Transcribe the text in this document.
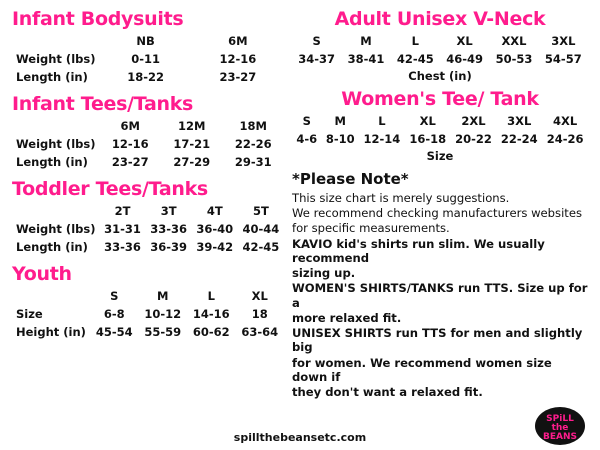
Infant Bodysuits
	NB	6M
Weight (lbs)	0-11	12-16
Length (in)	18-22	23-27
Infant Tees/Tanks
	6M	12M	18M
Weight (lbs)	12-16	17-21	22-26
Length (in)	23-27	27-29	29-31
Toddler Tees/Tanks
	2T	3T	4T	5T
Weight (lbs)	31-31	33-36	36-40	40-44
Length (in)	33-36	36-39	39-42	42-45
Youth
	S	M	L	XL
Size	6-8	10-12	14-16	18
Height (in)	45-54	55-59	60-62	63-64
Adult Unisex V-Neck
S	M	L	XL	XXL	3XL
34-37	38-41	42-45	46-49	50-53	54-57
Chest (in)
Women's Tee/ Tank
S	M	L	XL	2XL	3XL	4XL
4-6	8-10	12-14	16-18	20-22	22-24	24-26
Size
*Please Note*

This size chart is merely suggestions.

We recommend checking manufacturers websites

for specific measurements.

KAVIO kid's shirts run slim. We usually recommend

sizing up.

WOMEN'S SHIRTS/TANKS run TTS. Size up for a

more relaxed fit.

UNISEX SHIRTS run TTS for men and slightly big

for women. We recommend women size down if

they don't want a relaxed fit.

spillthebeansetc.com
SPiLL
the
BEANS
